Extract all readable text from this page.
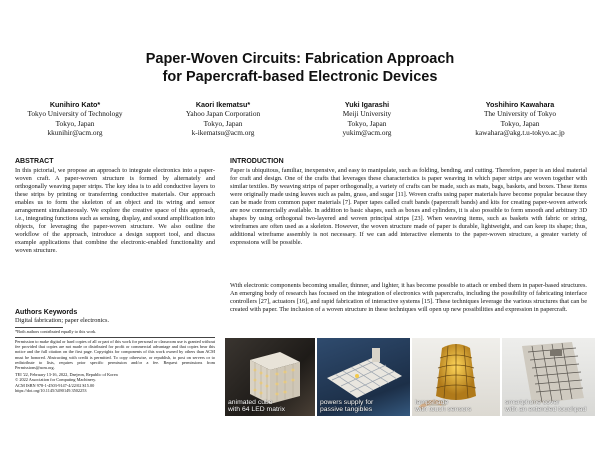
Paper-Woven Circuits: Fabrication Approach
for Papercraft-based Electronic Devices
Kunihiro Kato*
Tokyo University of Technology
Tokyo, Japan
kkunihir@acm.org
Kaori Ikematsu*
Yahoo Japan Corporation
Tokyo, Japan
k-ikematsu@acm.org
Yuki Igarashi
Meiji University
Tokyo, Japan
yukim@acm.org
Yoshihiro Kawahara
The University of Tokyo
Tokyo, Japan
kawahara@akg.t.u-tokyo.ac.jp
ABSTRACT
In this pictorial, we propose an approach to integrate electronics into a paper-woven craft. A paper-woven structure is formed by alternately and orthogonally weaving paper strips. The key idea is to add conductive layers to these strips by printing or transferring conductive materials. Our approach enables us to form the skeleton of an object and its wiring and sensor arrangement simultaneously. We explore the creative space of this approach, i.e., integrating functions such as sensing, display, and sound amplification into objects, for leveraging the paper-woven structure. We also outline the workflow of the approach, introduce a design support tool, and discuss example applications that combine the electronic-enabled functionality and woven structure.
Authors Keywords
Digital fabrication; paper electronics.
*Both authors contributed equally to this work.
Permission to make digital or hard copies of all or part of this work for personal or classroom use is granted without fee provided that copies are not made or distributed for profit or commercial advantage and that copies bear this notice and the full citation on the first page. Copyrights for components of this work owned by others than ACM must be honored. Abstracting with credit is permitted. To copy otherwise, or republish, to post on servers or to redistribute to lists, requires prior specific permission and/or a fee. Request permissions from Permissions@acm.org.
TEI '22, February 13-16, 2022, Daejeon, Republic of Korea
© 2022 Association for Computing Machinery.
ACM ISBN 978-1-4503-9147-4/22/02 $15.00
https://doi.org/10.1145/3490149.3502253
INTRODUCTION
Paper is ubiquitous, familiar, inexpensive, and easy to manipulate, such as folding, bending, and cutting. Therefore, paper is an ideal material for craft and design. One of the crafts that leverages these characteristics is paper weaving in which paper strips are woven together with similar textiles. By weaving strips of paper orthogonally, a variety of crafts can be made, such as mats, bags, baskets, and boxes. These items were originally made using leaves such as palm, grass, and sugar [11]. Woven crafts using paper materials have become popular because they can be made from common paper materials [7]. Paper tapes called craft bands (papercraft bands) and kits for creating paper-woven artwork are now commercially available. In addition to basic shapes, such as boxes and cylinders, it is also possible to form smooth and arbitrary 3D shapes by using orthogonal two-layered and woven principal strips [23]. When weaving items, such as baskets with fabric or string, wireframes are often used as a skeleton. However, the woven structure made of paper is durable, lightweight, and can keep its shape; thus, additional wireframe assembly is not necessary. If we can add interactive elements to the paper-woven structure, a greater variety of expressions will be possible.
With electronic components becoming smaller, thinner, and lighter, it has become possible to attach or embed them in paper-based structures. An emerging body of research has focused on the integration of electronics with papercrafts, including the possibility of fabricating interface controllers [27], actuators [16], and rapid fabrication of interactive systems [15]. These techniques leverage the various structures that can be created with paper. The inclusion of a woven structure in these techniques will open up new possibilities and expression in papercraft.
animated cube
with 64 LED matrix
powers supply for
passive tangibles
lampshade
with touch sensors
smartphone cover
with an extended touchpad
